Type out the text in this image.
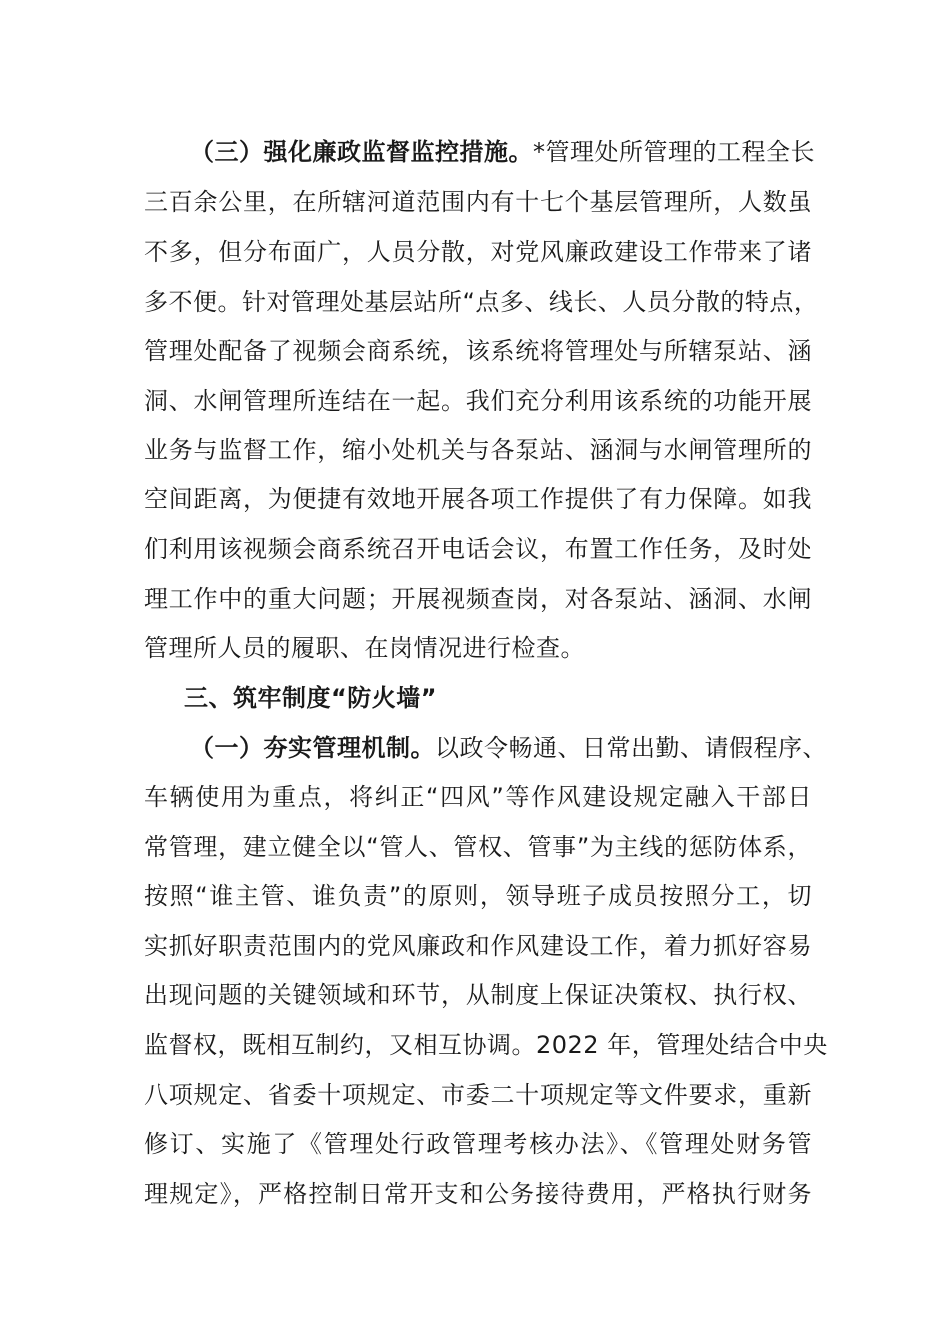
（三）强化廉政监督监控措施。*管理处所管理的工程全长
三百余公里，在所辖河道范围内有十七个基层管理所，人数虽
不多，但分布面广，人员分散，对党风廉政建设工作带来了诸
多不便。针对管理处基层站所“点多、线长、人员分散的特点，
管理处配备了视频会商系统，该系统将管理处与所辖泵站、涵
洞、水闸管理所连结在一起。我们充分利用该系统的功能开展
业务与监督工作，缩小处机关与各泵站、涵洞与水闸管理所的
空间距离，为便捷有效地开展各项工作提供了有力保障。如我
们利用该视频会商系统召开电话会议，布置工作任务，及时处
理工作中的重大问题；开展视频查岗，对各泵站、涵洞、水闸
管理所人员的履职、在岗情况进行检查。
三、筑牢制度“防火墙”
（一）夯实管理机制。以政令畅通、日常出勤、请假程序、
车辆使用为重点，将纠正“四风”等作风建设规定融入干部日
常管理，建立健全以“管人、管权、管事”为主线的惩防体系，
按照“谁主管、谁负责”的原则，领导班子成员按照分工，切
实抓好职责范围内的党风廉政和作风建设工作，着力抓好容易
出现问题的关键领域和环节，从制度上保证决策权、执行权、
监督权，既相互制约，又相互协调。2022 年，管理处结合中央
八项规定、省委十项规定、市委二十项规定等文件要求，重新
修订、实施了《管理处行政管理考核办法》、《管理处财务管
理规定》，严格控制日常开支和公务接待费用，严格执行财务
